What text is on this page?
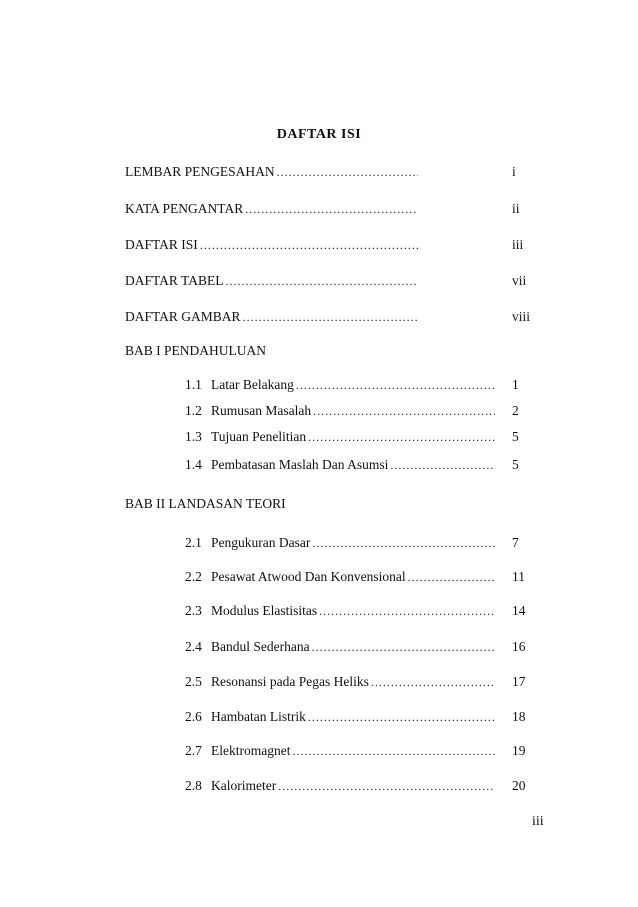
DAFTAR ISI
LEMBAR PENGESAHAN .....	i
KATA PENGANTAR .....	ii
DAFTAR ISI .....	iii
DAFTAR TABEL .....	vii
DAFTAR GAMBAR .....	viii
BAB I PENDAHULUAN
1.1 Latar Belakang .....	1
1.2 Rumusan Masalah .....	2
1.3 Tujuan Penelitian .....	5
1.4 Pembatasan Maslah Dan Asumsi .....	5
BAB II LANDASAN TEORI
2.1 Pengukuran Dasar .....	7
2.2 Pesawat Atwood Dan Konvensional .....	11
2.3 Modulus Elastisitas .....	14
2.4 Bandul Sederhana .....	16
2.5 Resonansi pada Pegas Heliks .....	17
2.6 Hambatan Listrik .....	18
2.7 Elektromagnet .....	19
2.8 Kalorimeter .....	20
iii
